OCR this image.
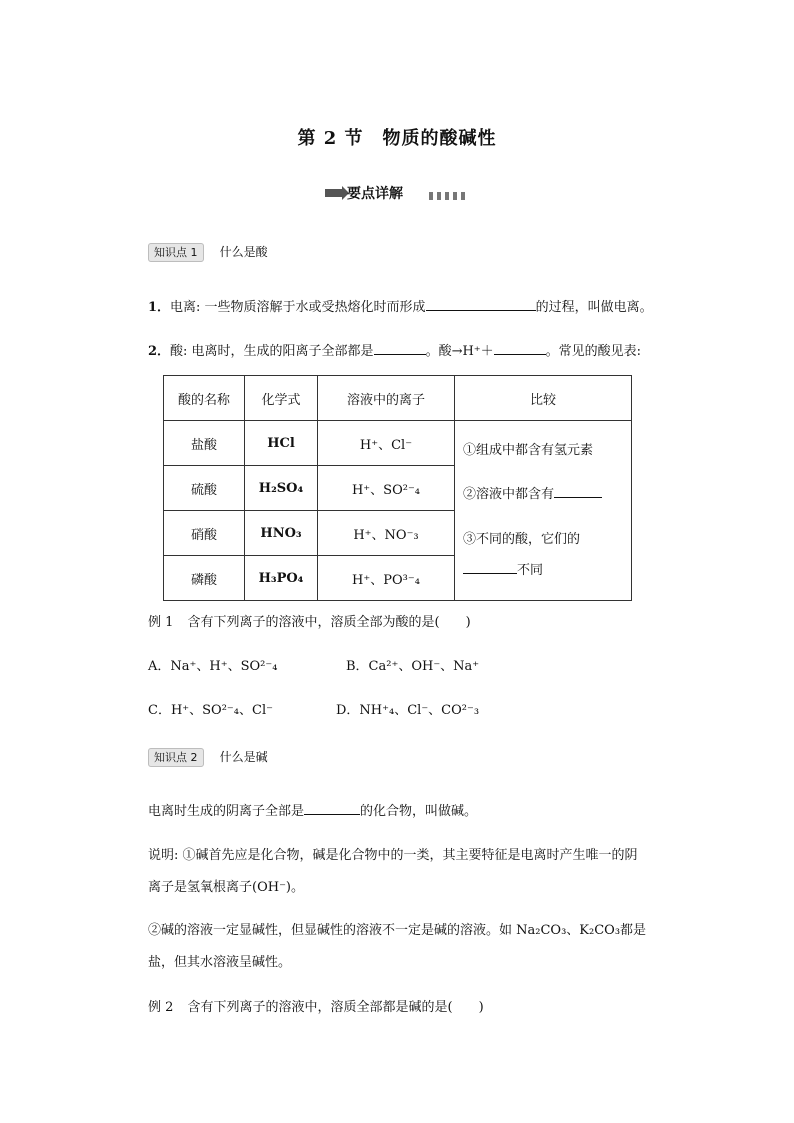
第 2 节　物质的酸碱性
要点详解
知识点 1 什么是酸
1．电离: 一些物质溶解于水或受热熔化时而形成	的过程，叫做电离。
2．酸: 电离时，生成的阳离子全部都是	。酸→H⁺＋	。常见的酸见表:
酸的名称	化学式	溶液中的离子	比较
盐酸	HCl	H⁺、Cl⁻	①组成中都含有氢元素
②溶液中都含有
③不同的酸，它们的
不同

硫酸	H₂SO₄	H⁺、SO²⁻₄	
硝酸	HNO₃	H⁺、NO⁻₃	
磷酸	H₃PO₄	H⁺、PO³⁻₄	
例 1 含有下列离子的溶液中，溶质全部为酸的是(　　)
A．Na⁺、H⁺、SO²⁻₄	B．Ca²⁺、OH⁻、Na⁺
C．H⁺、SO²⁻₄、Cl⁻	D．NH⁺₄、Cl⁻、CO²⁻₃
知识点 2 什么是碱
电离时生成的阴离子全部是	的化合物，叫做碱。
说明: ①碱首先应是化合物，碱是化合物中的一类，其主要特征是电离时产生唯一的阴
离子是氢氧根离子(OH⁻)。
②碱的溶液一定显碱性，但显碱性的溶液不一定是碱的溶液。如 Na₂CO₃、K₂CO₃都是
盐，但其水溶液呈碱性。
例 2 含有下列离子的溶液中，溶质全部都是碱的是(　　)
